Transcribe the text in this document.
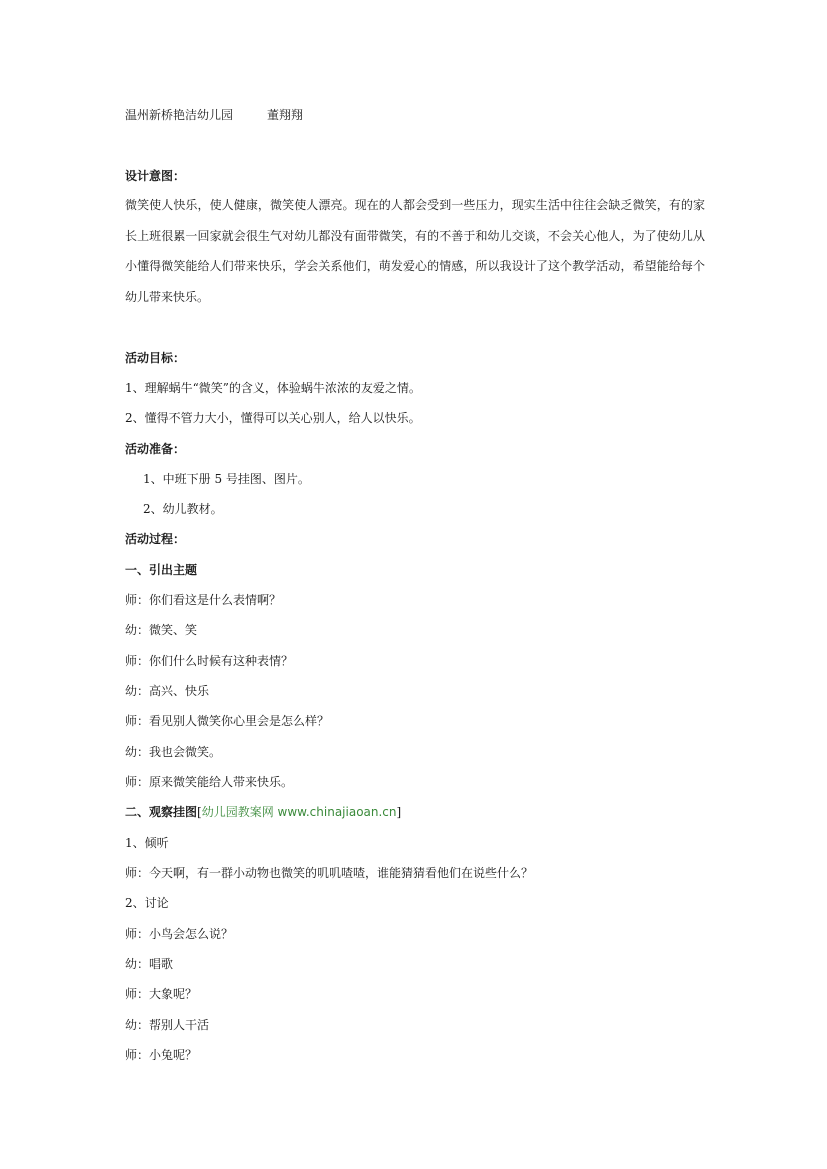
温州新桥艳洁幼儿园	董翔翔
设计意图：
微笑使人快乐，使人健康，微笑使人漂亮。现在的人都会受到一些压力，现实生活中往往会缺乏微笑，有的家长上班很累一回家就会很生气对幼儿都没有面带微笑，有的不善于和幼儿交谈，不会关心他人，为了使幼儿从小懂得微笑能给人们带来快乐，学会关系他们，萌发爱心的情感，所以我设计了这个教学活动，希望能给每个幼儿带来快乐。
活动目标：
1、理解蜗牛“微笑”的含义，体验蜗牛浓浓的友爱之情。
2、懂得不管力大小，懂得可以关心别人，给人以快乐。
活动准备：
1、中班下册 5 号挂图、图片。
2、幼儿教材。
活动过程：
一、引出主题
师：你们看这是什么表情啊？
幼：微笑、笑
师：你们什么时候有这种表情？
幼：高兴、快乐
师：看见别人微笑你心里会是怎么样？
幼：我也会微笑。
师：原来微笑能给人带来快乐。
二、观察挂图[幼儿园教案网 www.chinajiaoan.cn]
1、倾听
师：今天啊，有一群小动物也微笑的叽叽喳喳，谁能猜猜看他们在说些什么？
2、讨论
师：小鸟会怎么说？
幼：唱歌
师：大象呢？
幼：帮别人干活
师：小兔呢？
